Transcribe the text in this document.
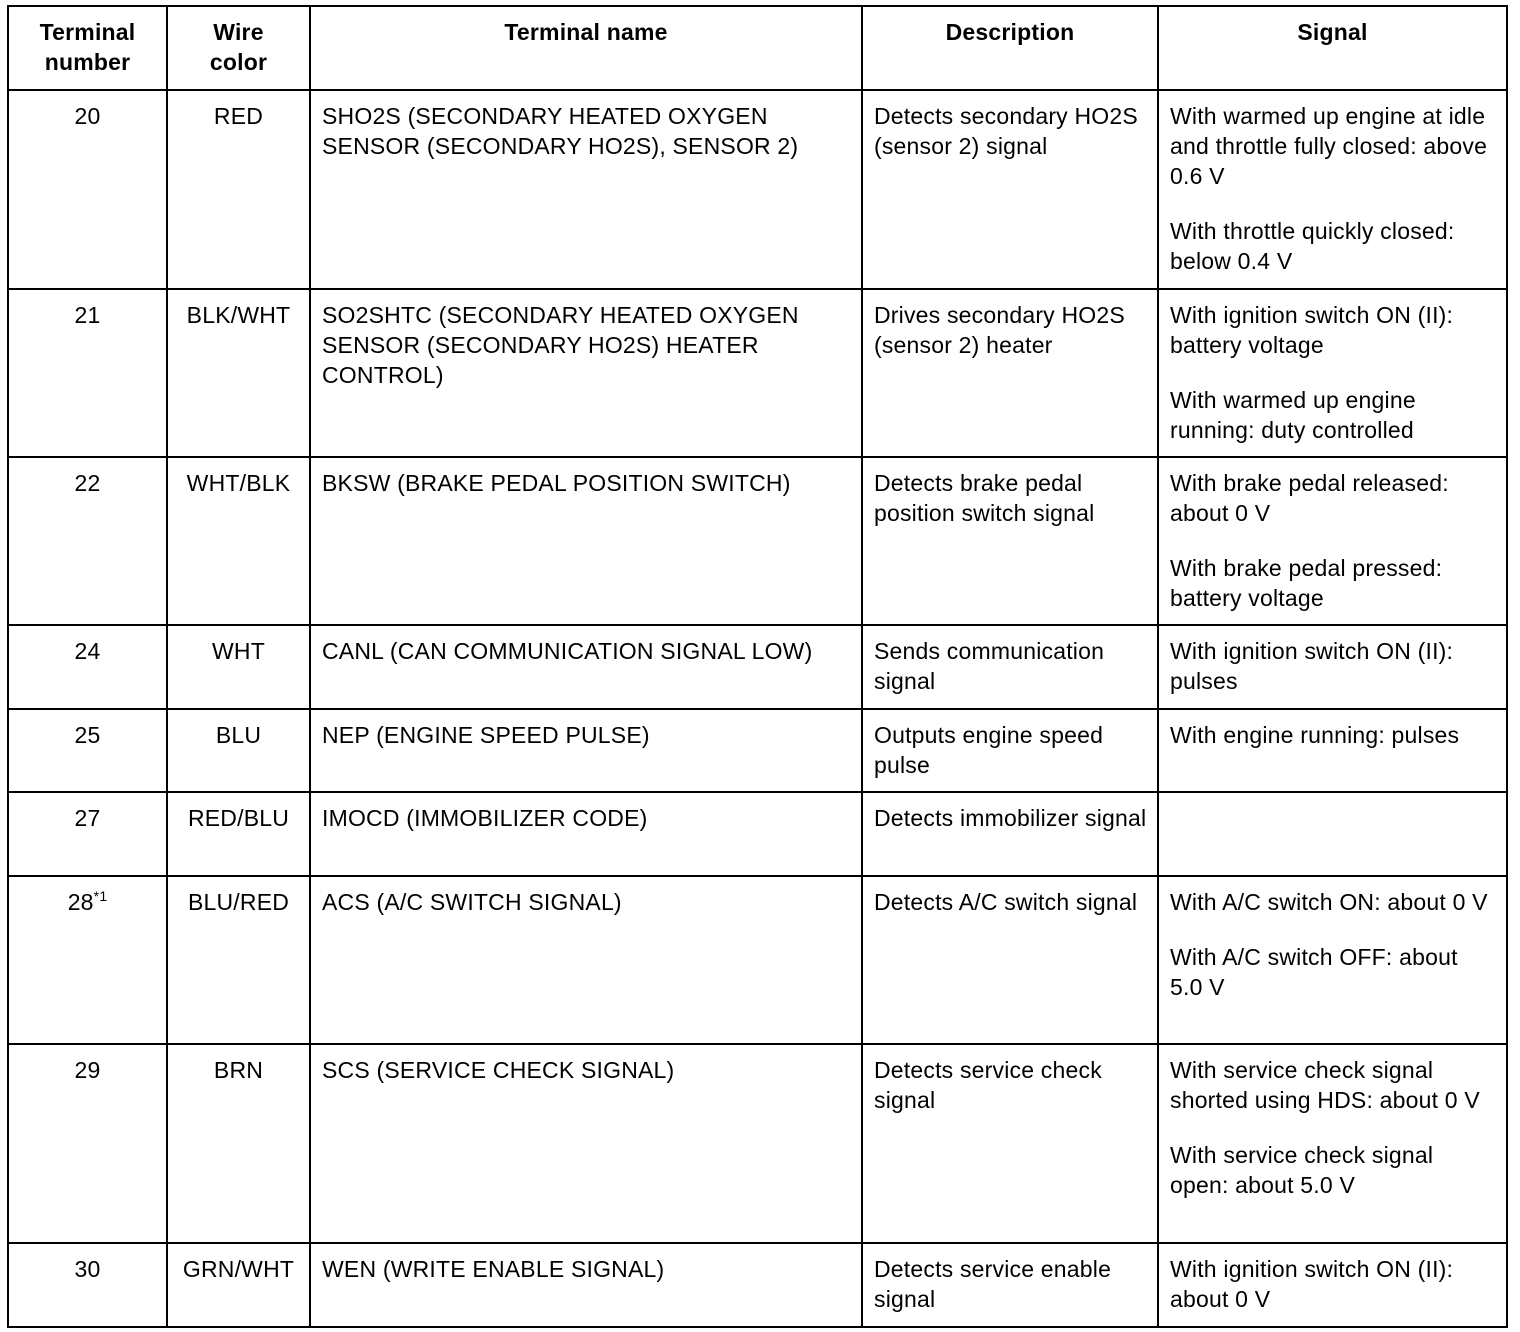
Terminal
number	Wire
color	Terminal name	Description	Signal
20	RED	SHO2S (SECONDARY HEATED OXYGEN SENSOR (SECONDARY HO2S), SENSOR 2)	Detects secondary HO2S (sensor 2) signal	With warmed up engine at idle and throttle fully closed: above 0.6 V

With throttle quickly closed: below 0.4 V

21	BLK/WHT	SO2SHTC (SECONDARY HEATED OXYGEN SENSOR (SECONDARY HO2S) HEATER CONTROL)	Drives secondary HO2S (sensor 2) heater	With ignition switch ON (II): battery voltage

With warmed up engine running: duty controlled

22	WHT/BLK	BKSW (BRAKE PEDAL POSITION SWITCH)	Detects brake pedal position switch signal	With brake pedal released: about 0 V

With brake pedal pressed: battery voltage

24	WHT	CANL (CAN COMMUNICATION SIGNAL LOW)	Sends communication signal	With ignition switch ON (II): pulses

25	BLU	NEP (ENGINE SPEED PULSE)	Outputs engine speed pulse	With engine running: pulses

27	RED/BLU	IMOCD (IMMOBILIZER CODE)	Detects immobilizer signal	
28$^{*1}$	BLU/RED	ACS (A/C SWITCH SIGNAL)	Detects A/C switch signal	With A/C switch ON: about 0 V

With A/C switch OFF: about 5.0 V

29	BRN	SCS (SERVICE CHECK SIGNAL)	Detects service check signal	With service check signal shorted using HDS: about 0 V

With service check signal open: about 5.0 V

30	GRN/WHT	WEN (WRITE ENABLE SIGNAL)	Detects service enable signal	With ignition switch ON (II): about 0 V
